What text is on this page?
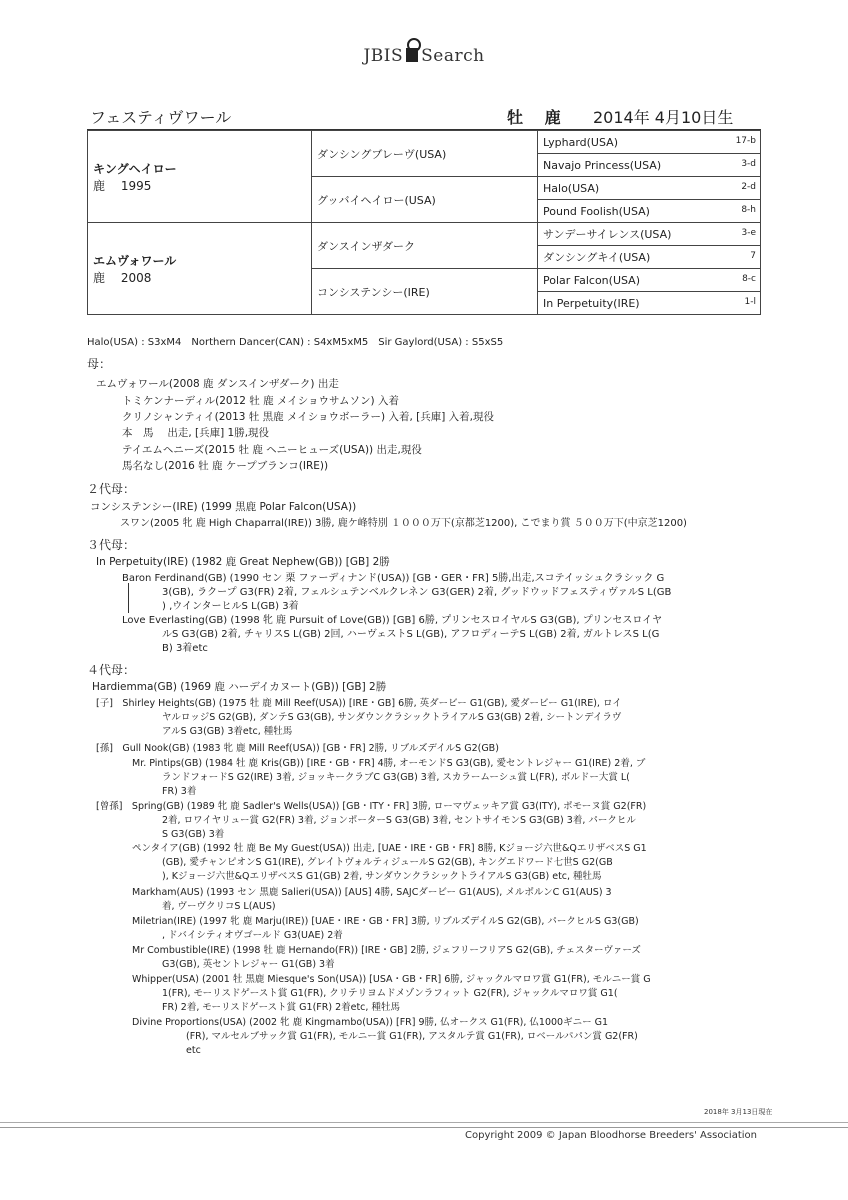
JBIS Search
フェスティヴワール	牡 鹿 2014年 4月10日生
キングヘイロー
鹿　 1995	ダンシングブレーヴ(USA)	Lyphard(USA) 17-b

		Navajo Princess(USA) 3-d

	グッバイヘイロー(USA)	Halo(USA) 2-d

		Pound Foolish(USA) 8-h

エムヴォワール
鹿　 2008	ダンスインザダーク	サンデーサイレンス(USA) 3-e

		ダンシングキイ(USA) 7

	コンシステンシー(IRE)	Polar Falcon(USA) 8-c

		In Perpetuity(IRE) 1-l
Halo(USA) : S3xM4　Northern Dancer(CAN) : S4xM5xM5　Sir Gaylord(USA) : S5xS5
母：
エムヴォワール(2008 鹿 ダンスインザダーク) 出走
トミケンナーディル(2012 牡 鹿 メイショウサムソン) 入着
クリノシャンティイ(2013 牡 黒鹿 メイショウボーラー) 入着, [兵庫] 入着,現役
本　馬　 出走, [兵庫] 1勝,現役
テイエムヘニーズ(2015 牡 鹿 ヘニーヒューズ(USA)) 出走,現役
馬名なし(2016 牡 鹿 ケープブランコ(IRE))
２代母：
コンシステンシー(IRE) (1999 黒鹿 Polar Falcon(USA))
スワン(2005 牝 鹿 High Chaparral(IRE)) 3勝, 鹿ケ峰特別 １０００万下(京都芝1200), こでまり賞 ５００万下(中京芝1200)
３代母：
In Perpetuity(IRE) (1982 鹿 Great Nephew(GB)) [GB] 2勝
Baron Ferdinand(GB) (1990 セン 栗 ファーディナンド(USA)) [GB・GER・FR] 5勝,出走,スコテイッシュクラシック G
3(GB), ラクープ G3(FR) 2着, フェルシュテンベルクレネン G3(GER) 2着, グッドウッドフェスティヴァルS L(GB
) ,ウインターヒルS L(GB) 3着
Love Everlasting(GB) (1998 牝 鹿 Pursuit of Love(GB)) [GB] 6勝, プリンセスロイヤルS G3(GB), プリンセスロイヤ
ルS G3(GB) 2着, チャリスS L(GB) 2回, ハーヴェストS L(GB), アフロディーテS L(GB) 2着, ガルトレスS L(G
B) 3着etc
４代母：
Hardiemma(GB) (1969 鹿 ハーデイカヌート(GB)) [GB] 2勝
[子]　Shirley Heights(GB) (1975 牡 鹿 Mill Reef(USA)) [IRE・GB] 6勝, 英ダービー G1(GB), 愛ダービー G1(IRE), ロイ
ヤルロッジS G2(GB), ダンテS G3(GB), サンダウンクラシックトライアルS G3(GB) 2着, シートンデイラヴ
アルS G3(GB) 3着etc, 種牡馬
[孫]　Gull Nook(GB) (1983 牝 鹿 Mill Reef(USA)) [GB・FR] 2勝, リブルズデイルS G2(GB)
Mr. Pintips(GB) (1984 牡 鹿 Kris(GB)) [IRE・GB・FR] 4勝, オーモンドS G3(GB), 愛セントレジャー G1(IRE) 2着, ブ
ランドフォードS G2(IRE) 3着, ジョッキークラブC G3(GB) 3着, スカラームーシュ賞 L(FR), ボルドー大賞 L(
FR) 3着
[曾孫]　Spring(GB) (1989 牝 鹿 Sadler's Wells(USA)) [GB・ITY・FR] 3勝, ローマヴェッキア賞 G3(ITY), ポモーヌ賞 G2(FR)
2着, ロワイヤリュー賞 G2(FR) 3着, ジョンポーターS G3(GB) 3着, セントサイモンS G3(GB) 3着, パークヒル
S G3(GB) 3着
ペンタイア(GB) (1992 牡 鹿 Be My Guest(USA)) 出走, [UAE・IRE・GB・FR] 8勝, Kジョージ六世&QエリザベスS G1
(GB), 愛チャンピオンS G1(IRE), グレイトヴォルティジュールS G2(GB), キングエドワード七世S G2(GB
), Kジョージ六世&QエリザベスS G1(GB) 2着, サンダウンクラシックトライアルS G3(GB) etc, 種牡馬
Markham(AUS) (1993 セン 黒鹿 Salieri(USA)) [AUS] 4勝, SAJCダービー G1(AUS), メルボルンC G1(AUS) 3
着, ヴーヴクリコS L(AUS)
Miletrian(IRE) (1997 牝 鹿 Marju(IRE)) [UAE・IRE・GB・FR] 3勝, リブルズデイルS G2(GB), パークヒルS G3(GB)
, ドバイシティオヴゴールド G3(UAE) 2着
Mr Combustible(IRE) (1998 牡 鹿 Hernando(FR)) [IRE・GB] 2勝, ジェフリーフリアS G2(GB), チェスターヴァーズ
G3(GB), 英セントレジャー G1(GB) 3着
Whipper(USA) (2001 牡 黒鹿 Miesque's Son(USA)) [USA・GB・FR] 6勝, ジャックルマロワ賞 G1(FR), モルニー賞 G
1(FR), モーリスドゲースト賞 G1(FR), クリテリヨムドメゾンラフィット G2(FR), ジャックルマロワ賞 G1(
FR) 2着, モーリスドゲースト賞 G1(FR) 2着etc, 種牡馬
Divine Proportions(USA) (2002 牝 鹿 Kingmambo(USA)) [FR] 9勝, 仏オークス G1(FR), 仏1000ギニー G1
(FR), マルセルブサック賞 G1(FR), モルニー賞 G1(FR), アスタルテ賞 G1(FR), ロベールパパン賞 G2(FR)
etc
2018年 3月13日現在
Copyright 2009 © Japan Bloodhorse Breeders' Association
